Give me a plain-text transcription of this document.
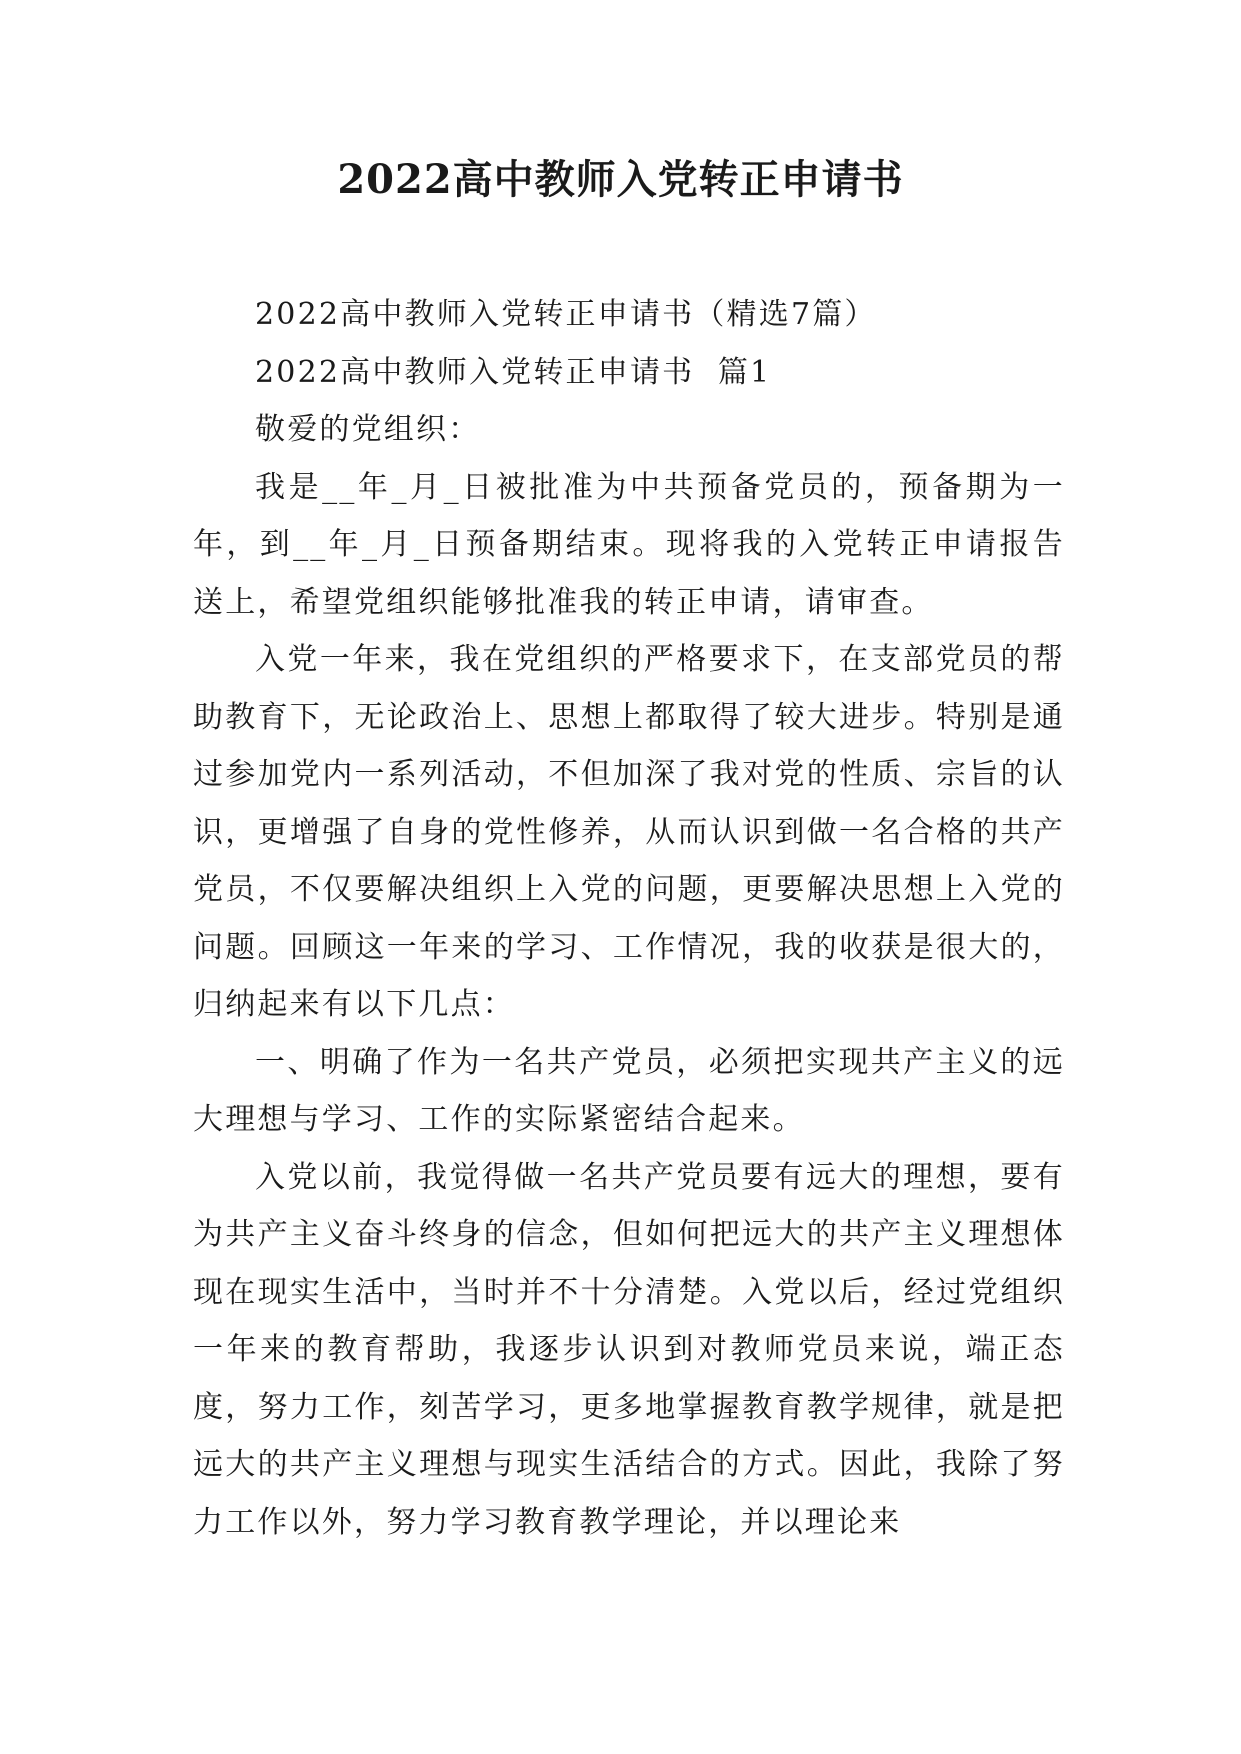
2022高中教师入党转正申请书

2022高中教师入党转正申请书（精选7篇）

2022高中教师入党转正申请书  篇1

敬爱的党组织：

我是__年_月_日被批准为中共预备党员的，预备期为一年，到__年_月_日预备期结束。现将我的入党转正申请报告送上，希望党组织能够批准我的转正申请，请审查。

入党一年来，我在党组织的严格要求下，在支部党员的帮助教育下，无论政治上、思想上都取得了较大进步。特别是通过参加党内一系列活动，不但加深了我对党的性质、宗旨的认识，更增强了自身的党性修养，从而认识到做一名合格的共产党员，不仅要解决组织上入党的问题，更要解决思想上入党的问题。回顾这一年来的学习、工作情况，我的收获是很大的，归纳起来有以下几点：

一、明确了作为一名共产党员，必须把实现共产主义的远大理想与学习、工作的实际紧密结合起来。

入党以前，我觉得做一名共产党员要有远大的理想，要有为共产主义奋斗终身的信念，但如何把远大的共产主义理想体现在现实生活中，当时并不十分清楚。入党以后，经过党组织一年来的教育帮助，我逐步认识到对教师党员来说，端正态度，努力工作，刻苦学习，更多地掌握教育教学规律，就是把远大的共产主义理想与现实生活结合的方式。因此，我除了努力工作以外，努力学习教育教学理论，并以理论来
